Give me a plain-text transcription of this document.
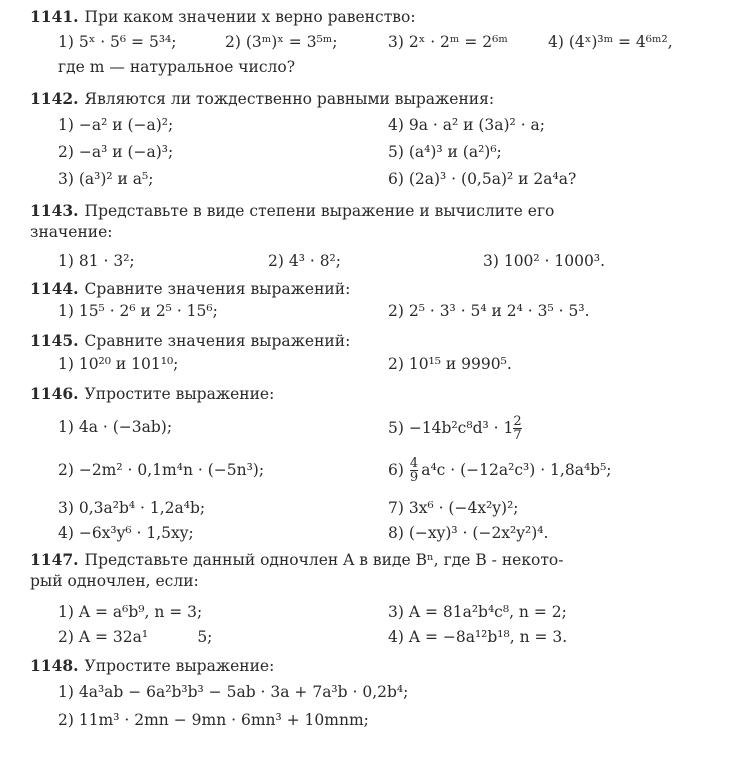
1141. При каком значении x верно равенство:
1) 5ˣ · 5⁶ = 5³⁴;	2) (3ᵐ)ˣ = 3⁵ᵐ;	3) 2ˣ · 2ᵐ = 2⁶ᵐ	4) (4ˣ)³ᵐ = 4⁶ᵐ²,
где m — натуральное число?
1142. Являются ли тождественно равными выражения:
1) −a² и (−a)²;	4) 9a · a² и (3a)² · a;
2) −a³ и (−a)³;	5) (a⁴)³ и (a²)⁶;
3) (a³)² и a⁵;	6) (2a)³ · (0,5a)² и 2a⁴a?
1143. Представьте в виде степени выражение и вычислите его
значение:
1) 81 · 3²;	2) 4³ · 8²;	3) 100² · 1000³.
1144. Сравните значения выражений:
1) 15⁵ · 2⁶ и 2⁵ · 15⁶;	2) 2⁵ · 3³ · 5⁴ и 2⁴ · 3⁵ · 5³.
1145. Сравните значения выражений:
1) 10²⁰ и 101¹⁰;	2) 10¹⁵ и 9990⁵.
1146. Упростите выражение:
1) 4a · (−3ab);	$5) -14b^2c^8d^3 \cdot 1 \frac{2}{7}$
2) −2m² · 0,1m⁴n · (−5n³);	$6) \frac{4}{9} a^4c \cdot (-12a^2c^3) \cdot 1,8a^4b^5$;
3) 0,3a²b⁴ · 1,2a⁴b;	7) 3x⁶ · (−4x²y)²;
4) −6x³y⁶ · 1,5xy;	8) (−xy)³ · (−2x²y²)⁴.
1147. Представьте данный одночлен A в виде Bⁿ, где B - некото-
рый одночлен, если:
1) A = a⁶b⁹, n = 3;	3) A = 81a²b⁴c⁸, n = 2;
2) A = 32a¹          5;	4) A = −8a¹²b¹⁸, n = 3.
1148. Упростите выражение:
1) 4a³ab − 6a²b³b³ − 5ab · 3a + 7a³b · 0,2b⁴;
2) 11m³ · 2mn − 9mn · 6mn³ + 10mnm;
